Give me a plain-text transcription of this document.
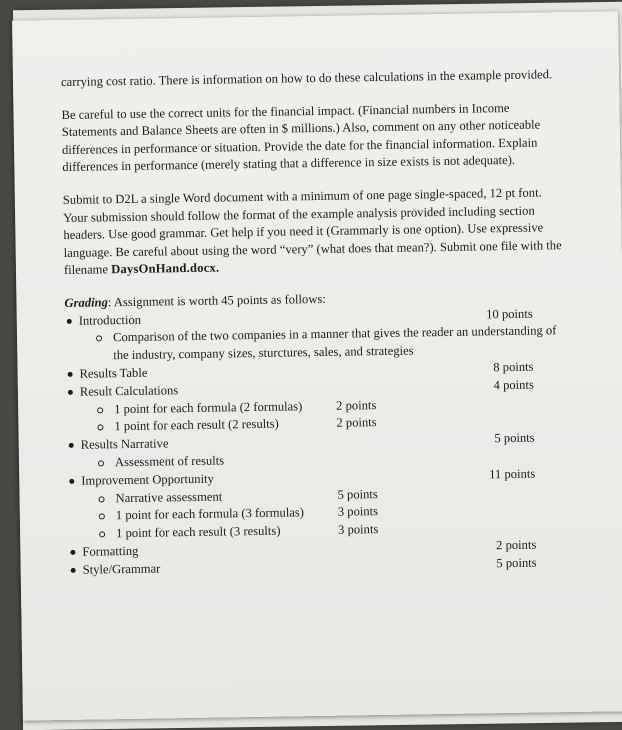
carrying cost ratio. There is information on how to do these calculations in the example provided.

Be careful to use the correct units for the financial impact. (Financial numbers in Income Statements and Balance Sheets are often in $ millions.) Also, comment on any other noticeable differences in performance or situation. Provide the date for the financial information. Explain differences in performance (merely stating that a difference in size exists is not adequate).

Submit to D2L a single Word document with a minimum of one page single-spaced, 12 pt font. Your submission should follow the format of the example analysis provided including section headers. Use good grammar. Get help if you need it (Grammarly is one option). Use expressive language. Be careful about using the word “very” (what does that mean?). Submit one file with the filename DaysOnHand.docx.

Grading: Assignment is worth 45 points as follows:
Introduction	10 points
Comparison of the two companies in a manner that gives the reader an understanding of the industry, company sizes, sturctures, sales, and strategies
Results Table	8 points
Result Calculations	4 points
1 point for each formula (2 formulas)	2 points
1 point for each result (2 results)	2 points
Results Narrative	5 points
Assessment of results
Improvement Opportunity	11 points
Narrative assessment	5 points
1 point for each formula (3 formulas)	3 points
1 point for each result (3 results)	3 points
Formatting	2 points
Style/Grammar	5 points
